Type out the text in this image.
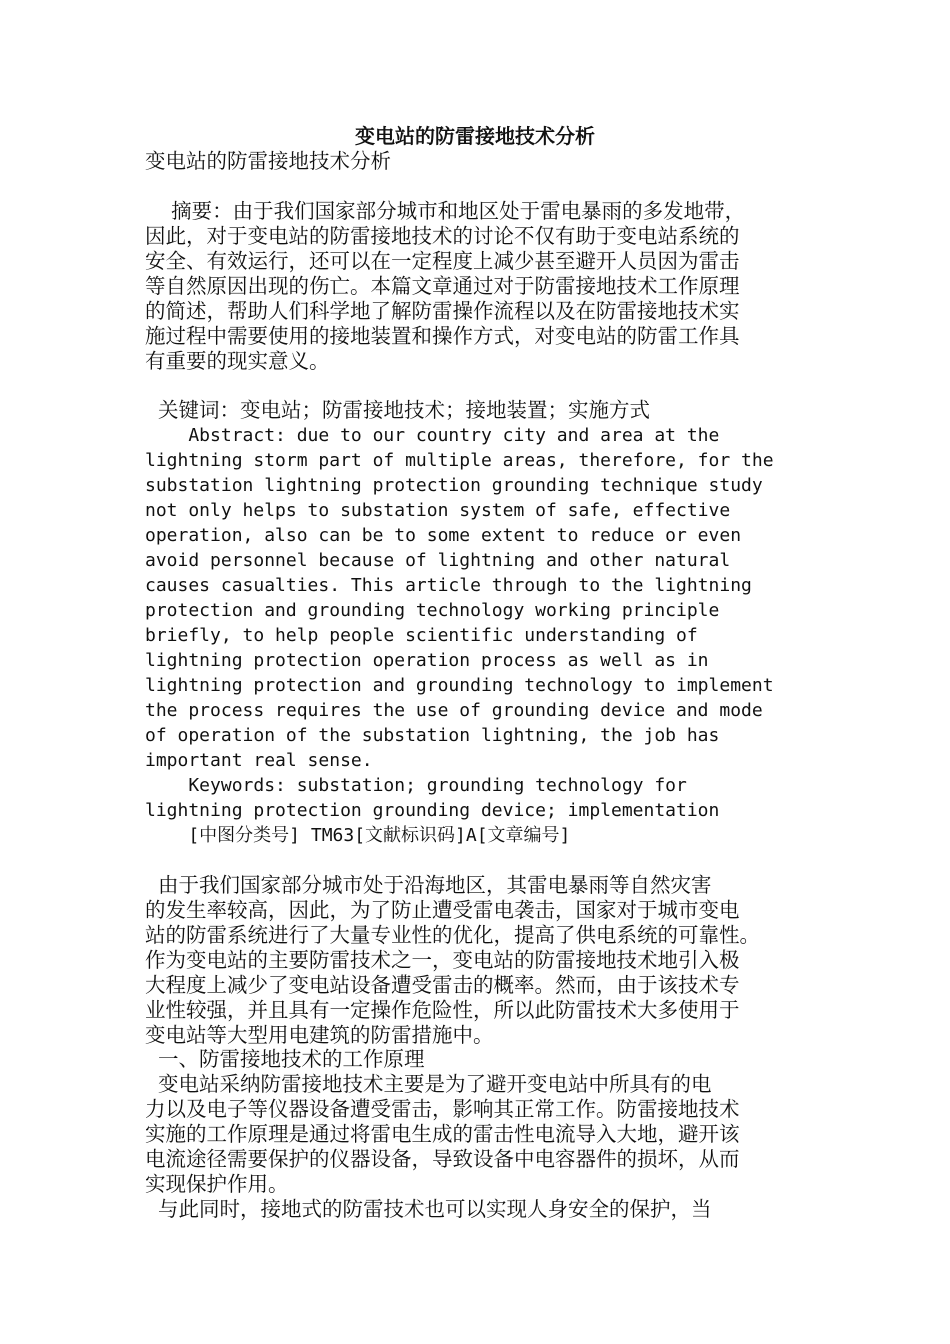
变电站的防雷接地技术分析

变电站的防雷接地技术分析

摘要：由于我们国家部分城市和地区处于雷电暴雨的多发地带，

因此，对于变电站的防雷接地技术的讨论不仅有助于变电站系统的

安全、有效运行，还可以在一定程度上减少甚至避开人员因为雷击

等自然原因出现的伤亡。本篇文章通过对于防雷接地技术工作原理

的简述，帮助人们科学地了解防雷操作流程以及在防雷接地技术实

施过程中需要使用的接地装置和操作方式，对变电站的防雷工作具

有重要的现实意义。

关键词：变电站；防雷接地技术；接地装置；实施方式

Abstract: due to our country city and area at the

lightning storm part of multiple areas, therefore, for the

substation lightning protection grounding technique study

not only helps to substation system of safe, effective

operation, also can be to some extent to reduce or even

avoid personnel because of lightning and other natural

causes casualties. This article through to the lightning

protection and grounding technology working principle

briefly, to help people scientific understanding of

lightning protection operation process as well as in

lightning protection and grounding technology to implement

the process requires the use of grounding device and mode

of operation of the substation lightning, the job has

important real sense.

Keywords: substation; grounding technology for

lightning protection grounding device; implementation

[中图分类号] TM63[文献标识码]A[文章编号]

由于我们国家部分城市处于沿海地区，其雷电暴雨等自然灾害

的发生率较高，因此，为了防止遭受雷电袭击，国家对于城市变电

站的防雷系统进行了大量专业性的优化，提高了供电系统的可靠性。

作为变电站的主要防雷技术之一，变电站的防雷接地技术地引入极

大程度上减少了变电站设备遭受雷击的概率。然而，由于该技术专

业性较强，并且具有一定操作危险性，所以此防雷技术大多使用于

变电站等大型用电建筑的防雷措施中。

一、防雷接地技术的工作原理

变电站采纳防雷接地技术主要是为了避开变电站中所具有的电

力以及电子等仪器设备遭受雷击，影响其正常工作。防雷接地技术

实施的工作原理是通过将雷电生成的雷击性电流导入大地，避开该

电流途径需要保护的仪器设备，导致设备中电容器件的损坏，从而

实现保护作用。

与此同时，接地式的防雷技术也可以实现人身安全的保护，当
